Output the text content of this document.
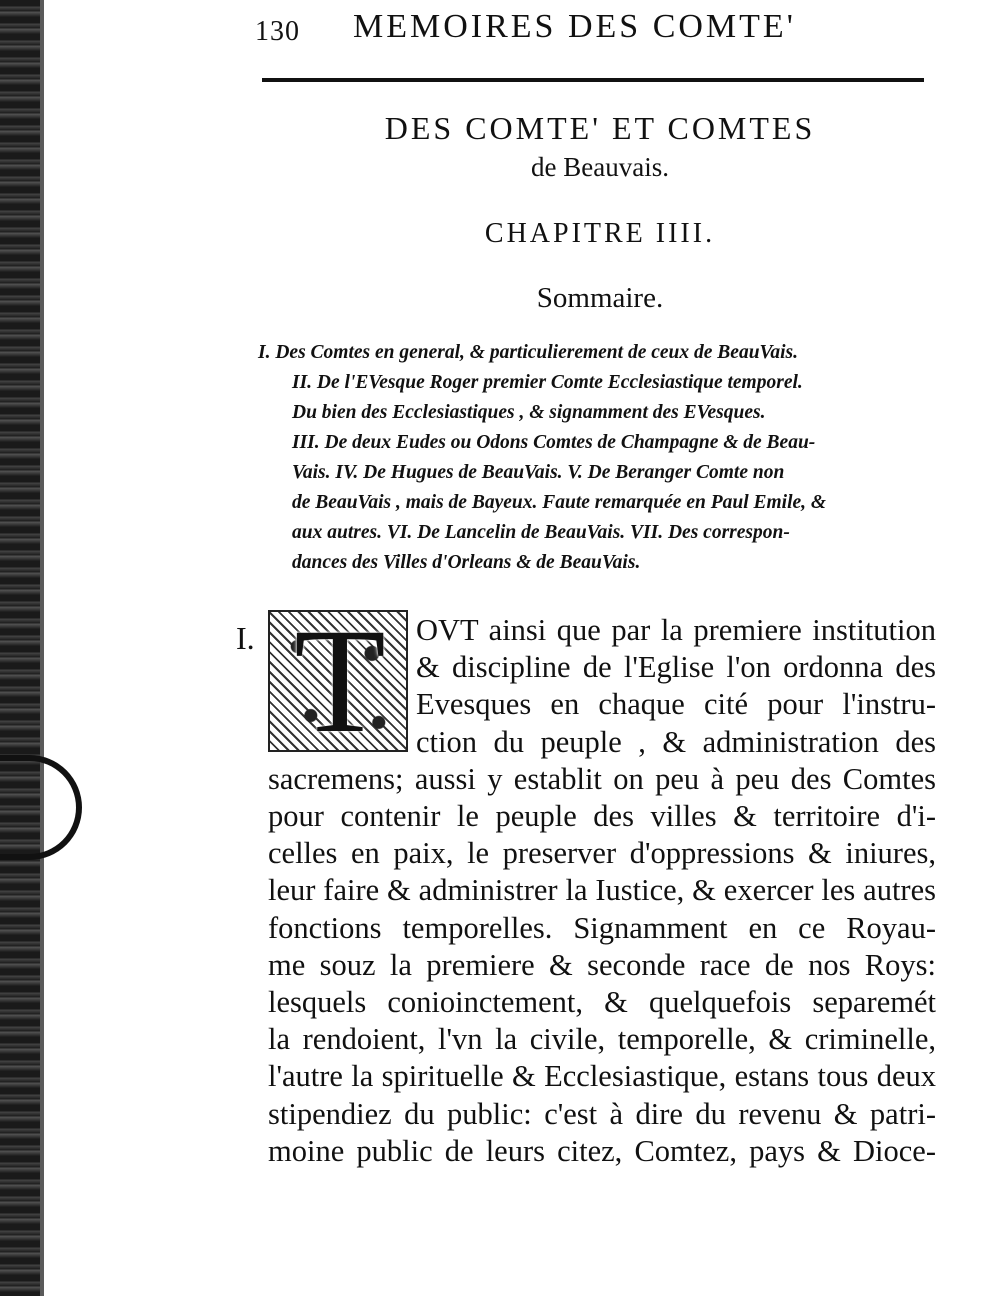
130 MEMOIRES DES COMTE'
DES COMTE' ET COMTES
de Beauvais.
CHAPITRE IIII.
Sommaire.
I. Des Comtes en general, & particulierement de ceux de BeauVais.
II. De l'EVesque Roger premier Comte Ecclesiastique temporel.
Du bien des Ecclesiastiques , & signamment des EVesques.
III. De deux Eudes ou Odons Comtes de Champagne & de Beau-
Vais. IV. De Hugues de BeauVais. V. De Beranger Comte non
de BeauVais , mais de Bayeux. Faute remarquée en Paul Emile, &
aux autres. VI. De Lancelin de BeauVais. VII. Des correspon-
dances des Villes d'Orleans & de BeauVais.
I. T OVT ainsi que par la premiere institution
& discipline de l'Eglise l'on ordonna des
Evesques en chaque cité pour l'instru-
ction du peuple , & administration des
sacremens; aussi y establit on peu à peu des Comtes
pour contenir le peuple des villes & territoire d'i-
celles en paix, le preserver d'oppressions & iniures,
leur faire & administrer la Iustice, & exercer les autres
fonctions temporelles. Signamment en ce Royau-
me souz la premiere & seconde race de nos Roys:
lesquels conioinctement, & quelquefois separemét
la rendoient, l'vn la civile, temporelle, & criminelle,
l'autre la spirituelle & Ecclesiastique, estans tous deux
stipendiez du public: c'est à dire du revenu & patri-
moine public de leurs citez, Comtez, pays & Dioce-
